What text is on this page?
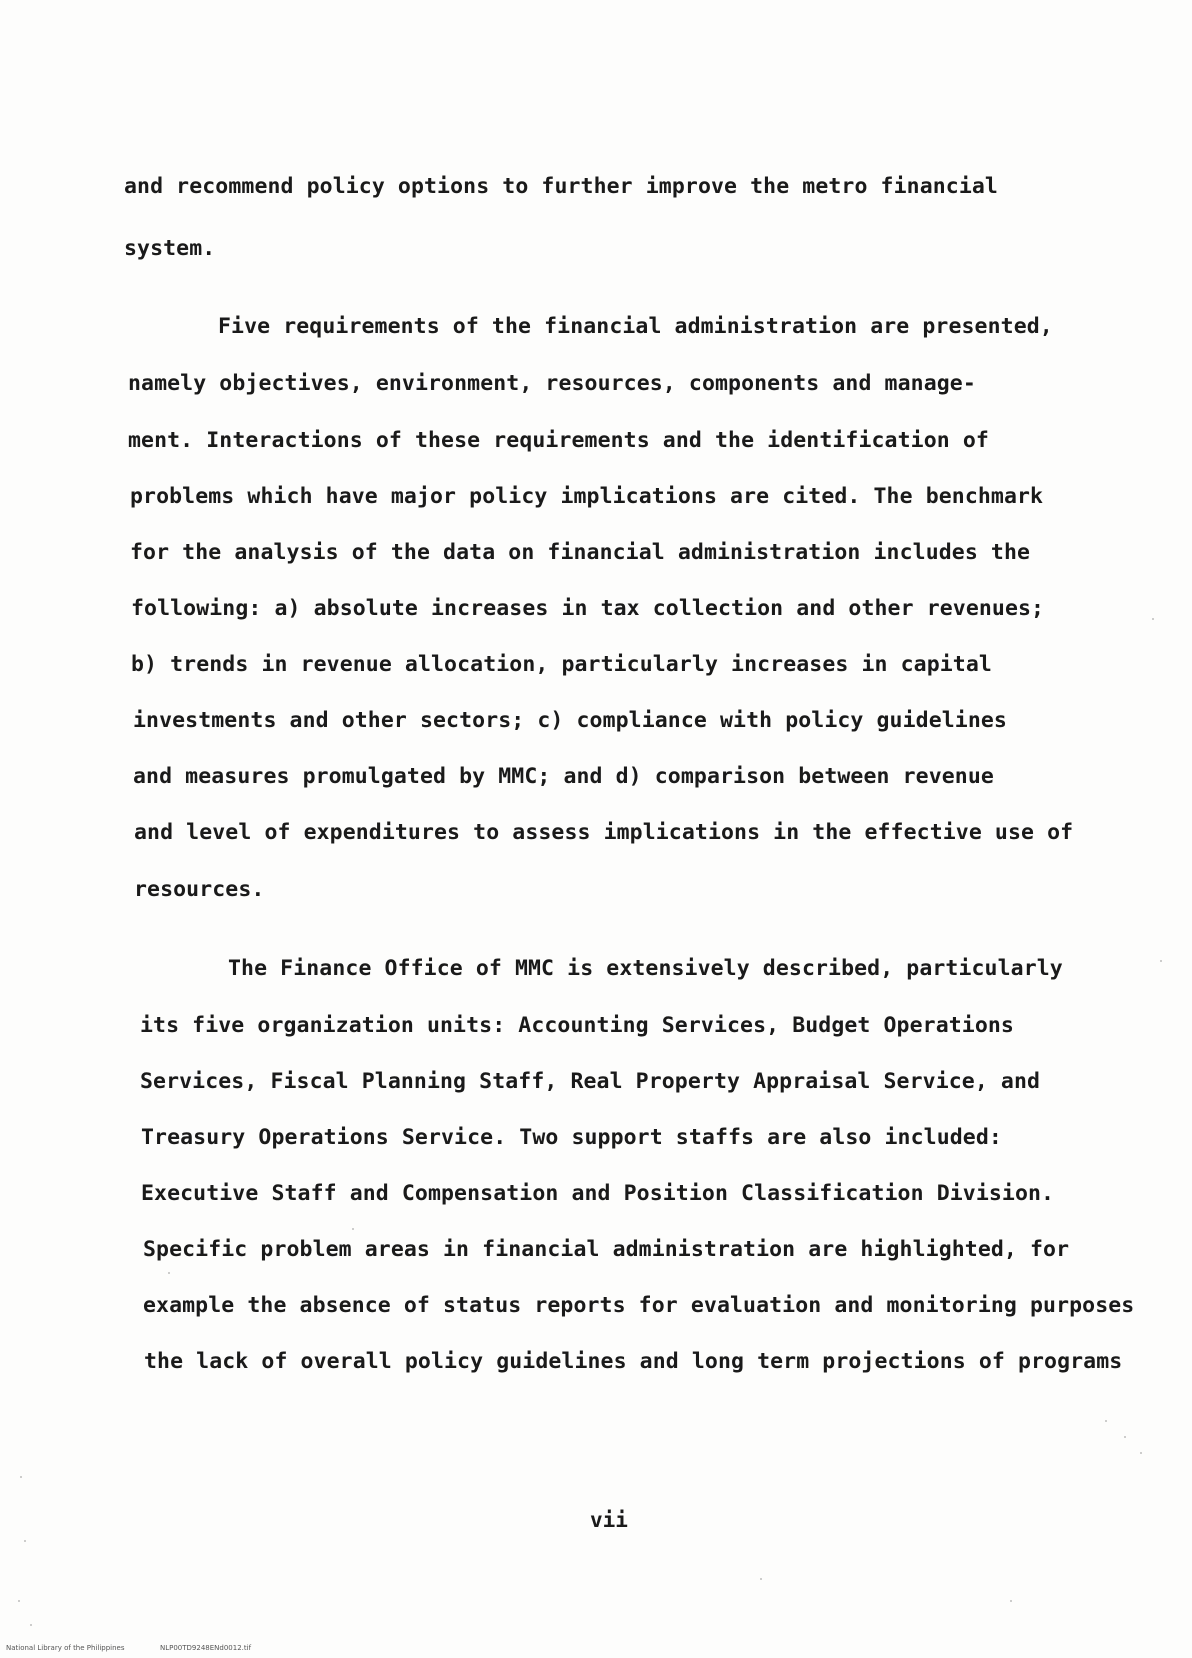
and recommend policy options to further improve the metro financial
system.
Five requirements of the financial administration are presented,
namely objectives, environment, resources, components and manage-
ment. Interactions of these requirements and the identification of
problems which have major policy implications are cited. The benchmark
for the analysis of the data on financial administration includes the
following: a) absolute increases in tax collection and other revenues;
b) trends in revenue allocation, particularly increases in capital
investments and other sectors; c) compliance with policy guidelines
and measures promulgated by MMC; and d) comparison between revenue
and level of expenditures to assess implications in the effective use of
resources.
The Finance Office of MMC is extensively described, particularly
its five organization units: Accounting Services, Budget Operations
Services, Fiscal Planning Staff, Real Property Appraisal Service, and
Treasury Operations Service. Two support staffs are also included:
Executive Staff and Compensation and Position Classification Division.
Specific problem areas in financial administration are highlighted, for
example the absence of status reports for evaluation and monitoring purposes
the lack of overall policy guidelines and long term projections of programs
vii
National Library of the Philippines	NLP00TD9248ENd0012.tif
